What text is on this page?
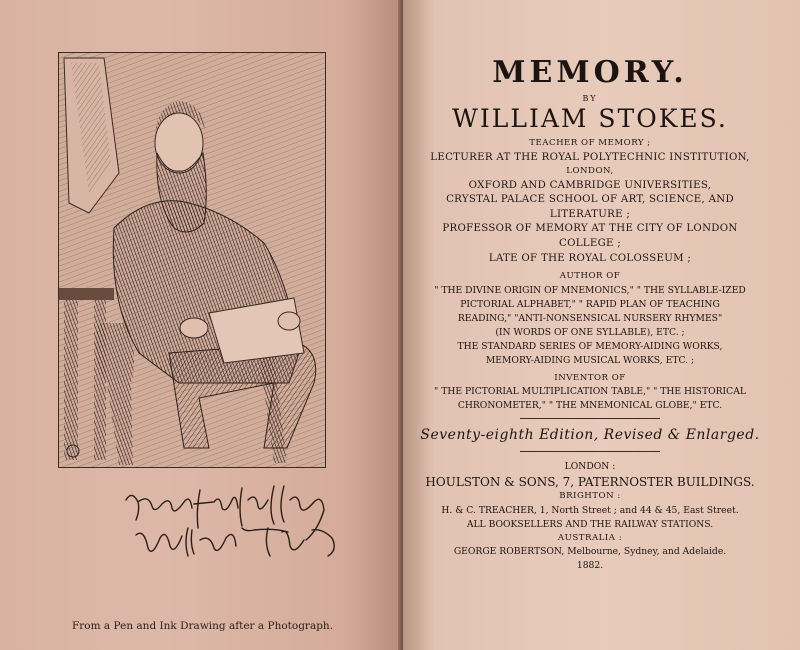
From a Pen and Ink Drawing after a Photograph.
MEMORY.
BY
WILLIAM STOKES.
TEACHER OF MEMORY ;
LECTURER AT THE ROYAL POLYTECHNIC INSTITUTION,
LONDON,
OXFORD AND CAMBRIDGE UNIVERSITIES,
CRYSTAL PALACE SCHOOL OF ART, SCIENCE, AND
LITERATURE ;
PROFESSOR OF MEMORY AT THE CITY OF LONDON
COLLEGE ;
LATE OF THE ROYAL COLOSSEUM ;
AUTHOR OF
" THE DIVINE ORIGIN OF MNEMONICS," " THE SYLLABLE-IZED
PICTORIAL ALPHABET," " RAPID PLAN OF TEACHING
READING," "ANTI-NONSENSICAL NURSERY RHYMES"
(IN WORDS OF ONE SYLLABLE), ETC. ;
THE STANDARD SERIES OF MEMORY-AIDING WORKS,
MEMORY-AIDING MUSICAL WORKS, ETC. ;
INVENTOR OF
" THE PICTORIAL MULTIPLICATION TABLE," " THE HISTORICAL
CHRONOMETER," " THE MNEMONICAL GLOBE," ETC.
Seventy-eighth Edition, Revised & Enlarged.
LONDON :
HOULSTON & SONS, 7, PATERNOSTER BUILDINGS.
BRIGHTON :
H. & C. TREACHER, 1, North Street ; and 44 & 45, East Street.
ALL BOOKSELLERS AND THE RAILWAY STATIONS.
AUSTRALIA :
GEORGE ROBERTSON, Melbourne, Sydney, and Adelaide.
1882.
